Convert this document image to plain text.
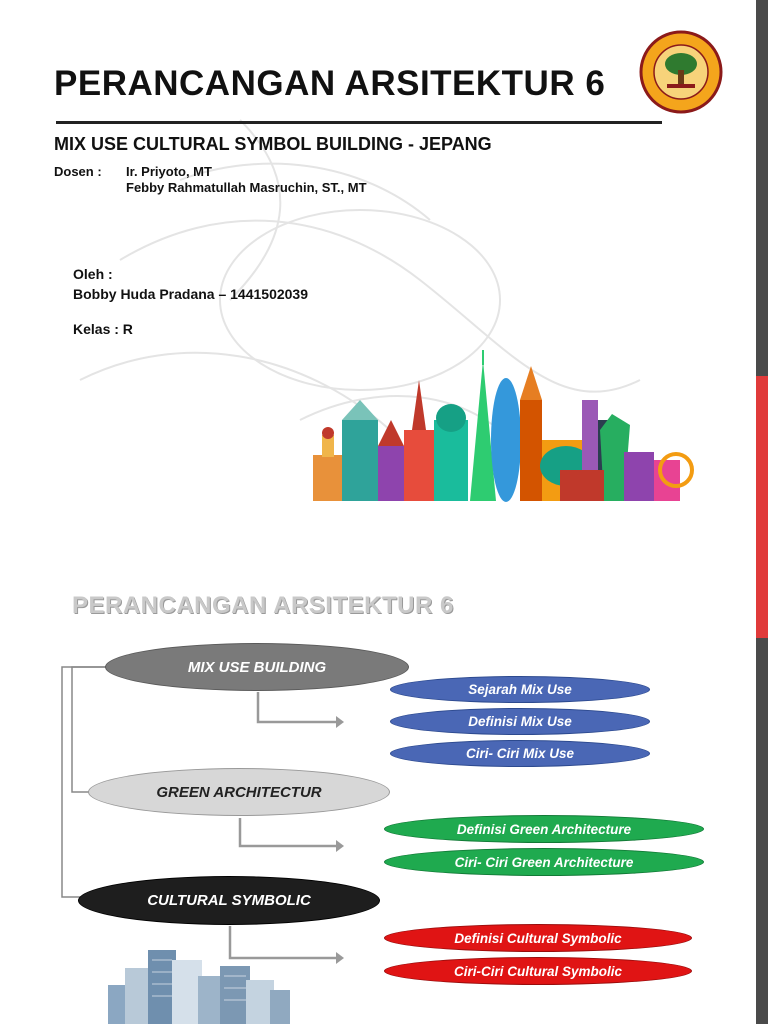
PERANCANGAN ARSITEKTUR 6
MIX USE CULTURAL SYMBOL BUILDING - JEPANG
Dosen : Ir. Priyoto, MT
Febby Rahmatullah Masruchin, ST., MT
Oleh :
Bobby Huda Pradana – 1441502039
Kelas : R
PERANCANGAN ARSITEKTUR 6
MIX USE BUILDING
GREEN ARCHITECTUR
CULTURAL SYMBOLIC
Sejarah Mix Use
Definisi Mix Use
Ciri- Ciri Mix Use
Definisi Green Architecture
Ciri- Ciri Green Architecture
Definisi Cultural Symbolic
Ciri-Ciri Cultural Symbolic
